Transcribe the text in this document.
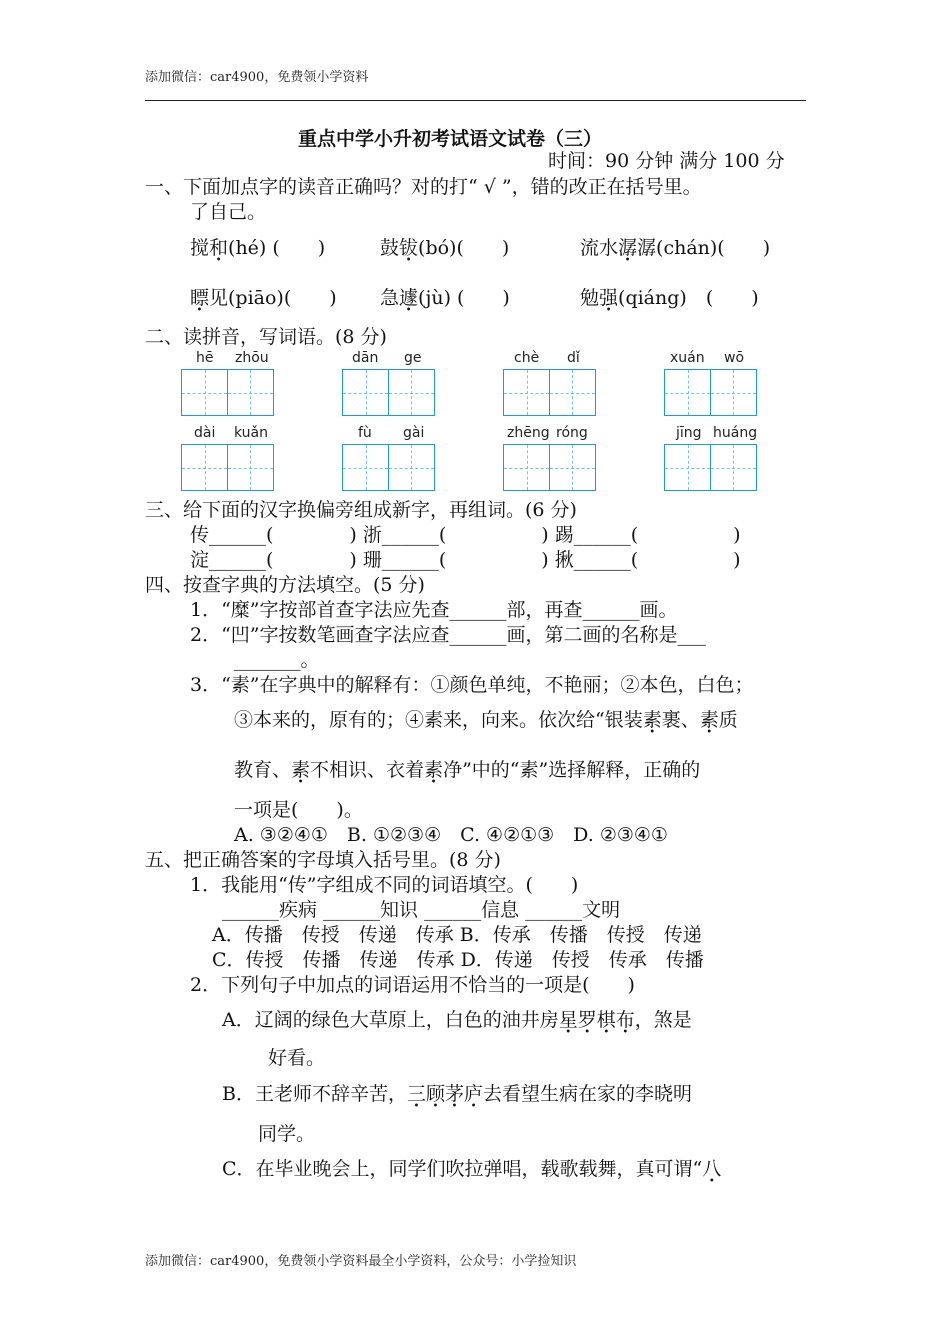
添加微信：car4900，免费领小学资料
重点中学小升初考试语文试卷（三）
时间：90 分钟 满分 100 分
一、下面加点字的读音正确吗？对的打“ √ ”，错的改正在括号里。
了自己。
搅和(hé) (　　)	鼓钹(bó)(　　)	流水潺潺(chán)(　　)
瞟见(piāo)(　　) 急遽(jù) (　　)	勉强(qiáng)　(　　)
二、读拼音，写词语。(8 分)
hē zhōu	dān ge	chè dǐ	xuán wō
dài kuǎn	fù gài	zhēng róng	jīng huáng
三、给下面的汉字换偏旁组成新字，再组词。(6 分)
传______(　　　　) 浙______(　　　　　) 踢______(　　　　　)
淀______(　　　　) 珊______(　　　　　) 揪______(　　　　　)
四、按查字典的方法填空。(5 分)
1．“糜”字按部首查字法应先查______部，再查______画。
2．“凹”字按数笔画查字法应查______画，第二画的名称是___
_______。
3．“素”在字典中的解释有：①颜色单纯，不艳丽；②本色，白色；
③本来的，原有的；④素来，向来。依次给“银装素裹、素质
教育、素不相识、衣着素净”中的“素”选择解释，正确的
一项是(　　)。
A. ③②④①　B. ①②③④　C. ④②①③　D. ②③④①
五、把正确答案的字母填入括号里。(8 分)
1．我能用“传”字组成不同的词语填空。(　　)
______疾病 ______知识 ______信息 ______文明
A．传播　传授　传递　传承 B．传承　传播　传授　传递
C．传授　传播　传递　传承 D．传递　传授　传承　传播
2．下列句子中加点的词语运用不恰当的一项是(　　)
A．辽阔的绿色大草原上，白色的油井房星罗棋布，煞是
好看。
B．王老师不辞辛苦，三顾茅庐去看望生病在家的李晓明
同学。
C．在毕业晚会上，同学们吹拉弹唱，载歌载舞，真可谓“八
添加微信：car4900，免费领小学资料最全小学资料，公众号：小学捡知识
